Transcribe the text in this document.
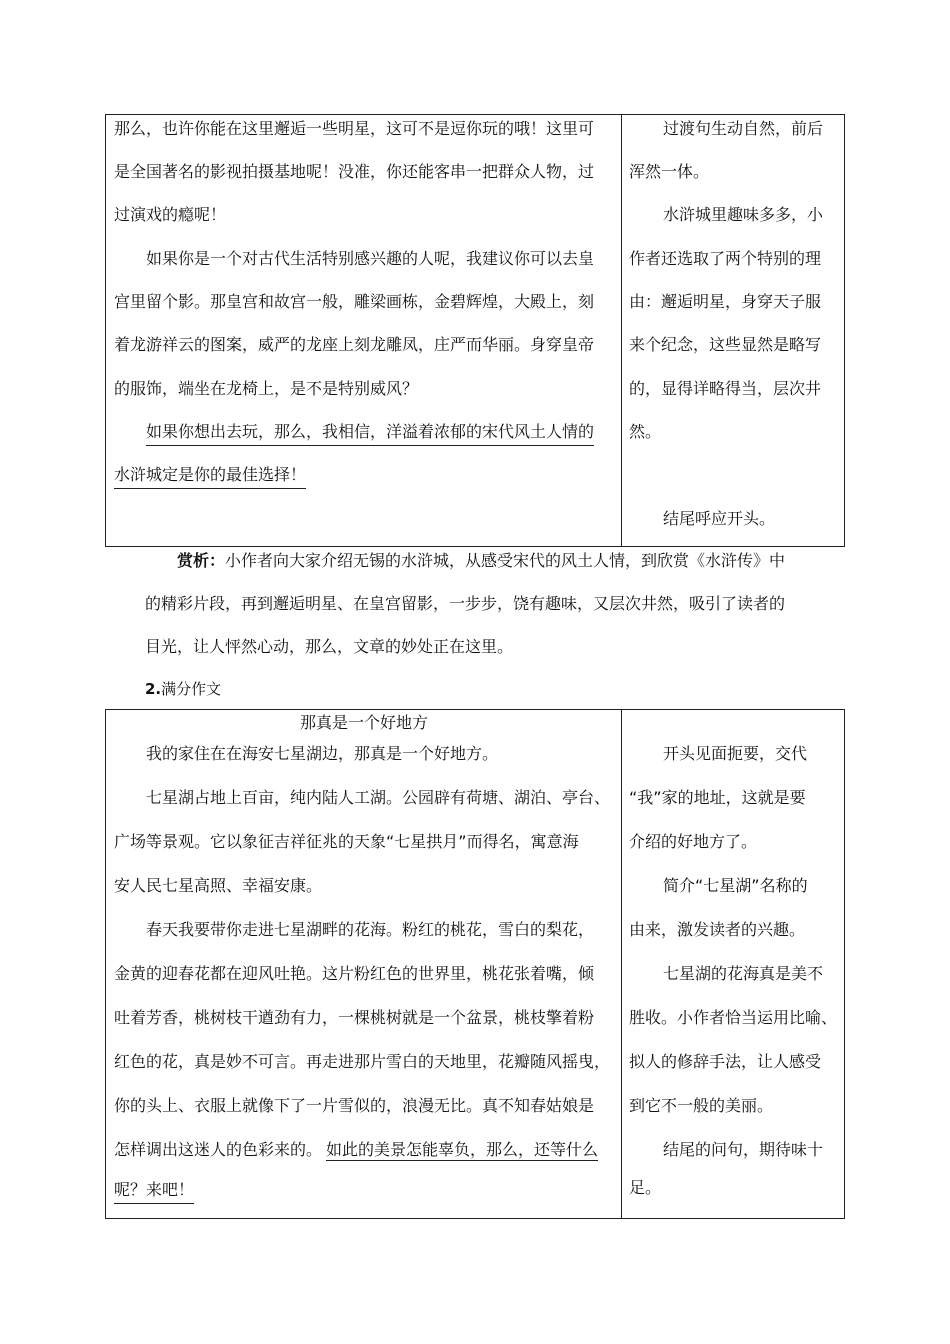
那么，也许你能在这里邂逅一些明星，这可不是逗你玩的哦！这里可
是全国著名的影视拍摄基地呢！没准，你还能客串一把群众人物，过
过演戏的瘾呢！
如果你是一个对古代生活特别感兴趣的人呢，我建议你可以去皇
宫里留个影。那皇宫和故宫一般，雕梁画栋，金碧辉煌，大殿上，刻
着龙游祥云的图案，威严的龙座上刻龙雕凤，庄严而华丽。身穿皇帝
的服饰，端坐在龙椅上，是不是特别威风？
如果你想出去玩，那么，我相信，洋溢着浓郁的宋代风土人情的
水浒城定是你的最佳选择！
过渡句生动自然，前后
浑然一体。
水浒城里趣味多多，小
作者还选取了两个特别的理
由：邂逅明星，身穿天子服
来个纪念，这些显然是略写
的，显得详略得当，层次井
然。
结尾呼应开头。
赏析：小作者向大家介绍无锡的水浒城，从感受宋代的风土人情，到欣赏《水浒传》中
的精彩片段，再到邂逅明星、在皇宫留影，一步步，饶有趣味，又层次井然，吸引了读者的
目光，让人怦然心动，那么，文章的妙处正在这里。
2.满分作文
那真是一个好地方
我的家住在在海安七星湖边，那真是一个好地方。
七星湖占地上百亩，纯内陆人工湖。公园辟有荷塘、湖泊、亭台、
广场等景观。它以象征吉祥征兆的天象“七星拱月”而得名，寓意海
安人民七星高照、幸福安康。
春天我要带你走进七星湖畔的花海。粉红的桃花，雪白的梨花，
金黄的迎春花都在迎风吐艳。这片粉红色的世界里，桃花张着嘴，倾
吐着芳香，桃树枝干遒劲有力，一棵桃树就是一个盆景，桃枝擎着粉
红色的花，真是妙不可言。再走进那片雪白的天地里，花瓣随风摇曳，
你的头上、衣服上就像下了一片雪似的，浪漫无比。真不知春姑娘是
怎样调出这迷人的色彩来的。 如此的美景怎能辜负，那么，还等什么
呢？来吧！
开头见面扼要，交代
“我”家的地址，这就是要
介绍的好地方了。
简介“七星湖”名称的
由来，激发读者的兴趣。
七星湖的花海真是美不
胜收。小作者恰当运用比喻、
拟人的修辞手法，让人感受
到它不一般的美丽。
结尾的问句，期待味十
足。
